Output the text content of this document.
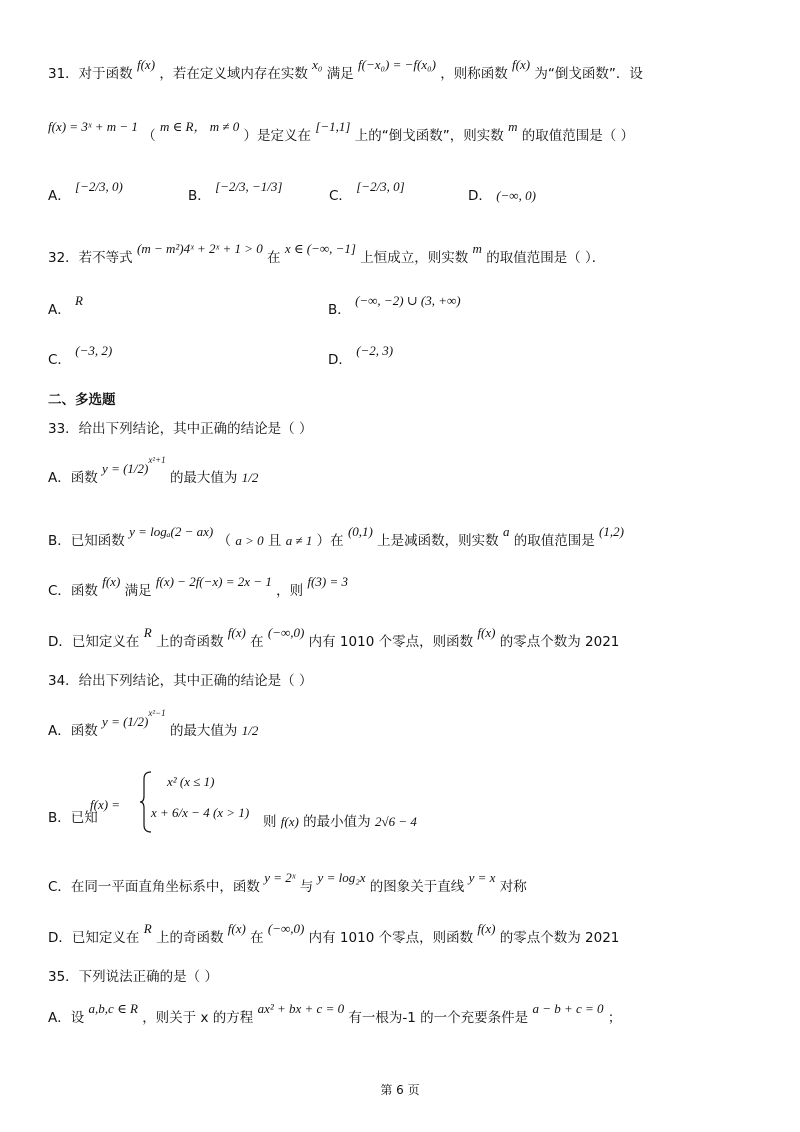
31．对于函数 f(x) ，若在定义域内存在实数 x₀ 满足 f(−x₀) = −f(x₀) ，则称函数 f(x) 为“倒戈函数”．设
f(x) = 3ˣ + m − 1 （ m ∈ R， m ≠ 0 ）是定义在 [−1,1] 上的“倒戈函数”，则实数 m 的取值范围是（ ）
A． [−2/3, 0)
B． [−2/3, −1/3]
C． [−2/3, 0]
D． (−∞, 0)
32．若不等式 (m − m²)4ˣ + 2ˣ + 1 > 0 在 x ∈ (−∞, −1] 上恒成立，则实数 m 的取值范围是（ ）．
A． R
B． (−∞, −2) ∪ (3, +∞)
C． (−3, 2)
D． (−2, 3)
二、多选题
33．给出下列结论，其中正确的结论是（ ）
A．函数 $y = (1/2)^{x^2+1}$ 的最大值为 1/2
B．已知函数 y = logₐ(2 − ax) （ a > 0 且 a ≠ 1 ）在 (0,1) 上是减函数，则实数 a 的取值范围是 (1,2)
C．函数 f(x) 满足 f(x) − 2f(−x) = 2x − 1 ，则 f(3) = 3
D．已知定义在 R 上的奇函数 f(x) 在 (−∞,0) 内有 1010 个零点，则函数 f(x) 的零点个数为 2021
34．给出下列结论，其中正确的结论是（ ）
A．函数 $y = (1/2)^{x^2-1}$ 的最大值为 1/2
B．已知
f(x) =
x² (x ≤ 1)
x + 6/x − 4 (x > 1)
则 f(x) 的最小值为 2√6 − 4
C．在同一平面直角坐标系中，函数 y = 2ˣ 与 y = log₂x 的图象关于直线 y = x 对称
D．已知定义在 R 上的奇函数 f(x) 在 (−∞,0) 内有 1010 个零点，则函数 f(x) 的零点个数为 2021
35．下列说法正确的是（ ）
A．设 a,b,c ∈ R ，则关于 x 的方程 ax² + bx + c = 0 有一根为-1 的一个充要条件是 a − b + c = 0 ；
第 6 页
